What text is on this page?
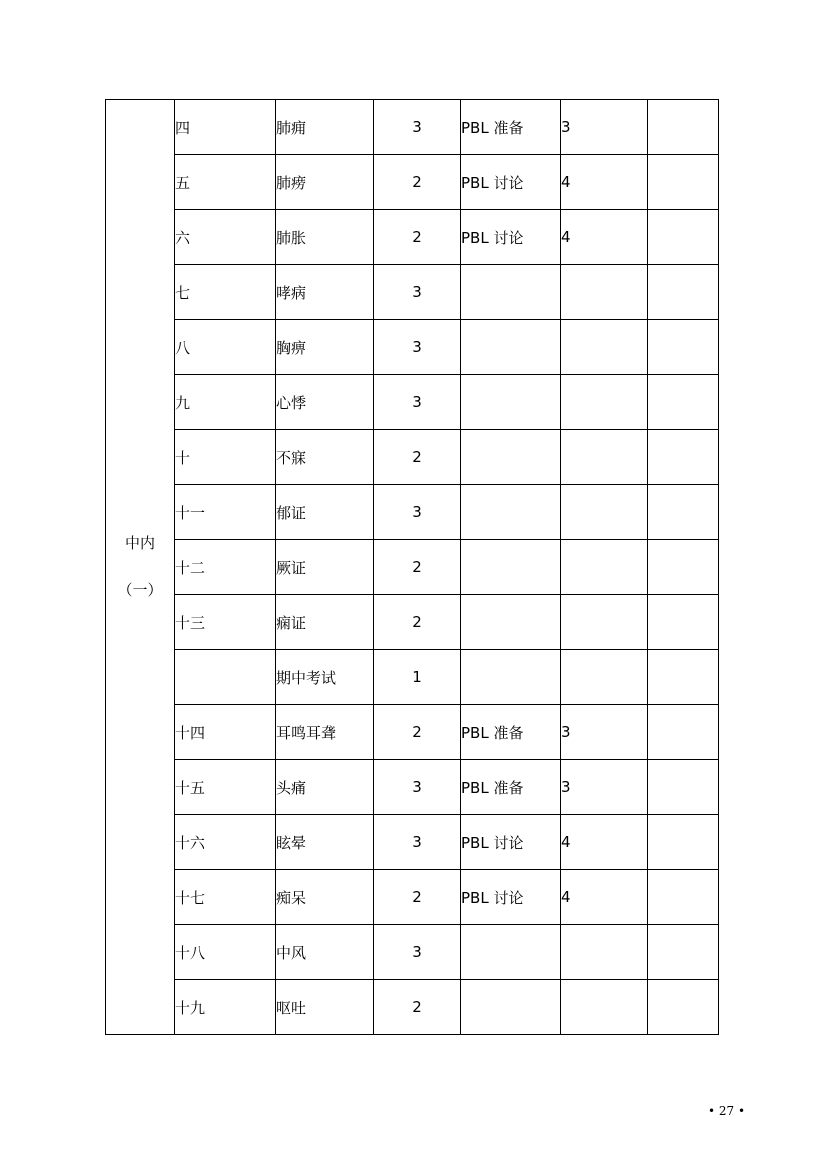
中内
（一）	四	肺痈	3	PBL 准备	3	
	五	肺痨	2	PBL 讨论	4	
	六	肺胀	2	PBL 讨论	4	
	七	哮病	3			
	八	胸痹	3			
	九	心悸	3			
	十	不寐	2			
	十一	郁证	3			
	十二	厥证	2			
	十三	痫证	2			
		期中考试	1			
	十四	耳鸣耳聋	2	PBL 准备	3	
	十五	头痛	3	PBL 准备	3	
	十六	眩晕	3	PBL 讨论	4	
	十七	痴呆	2	PBL 讨论	4	
	十八	中风	3			
	十九	呕吐	2			
• 27 •
